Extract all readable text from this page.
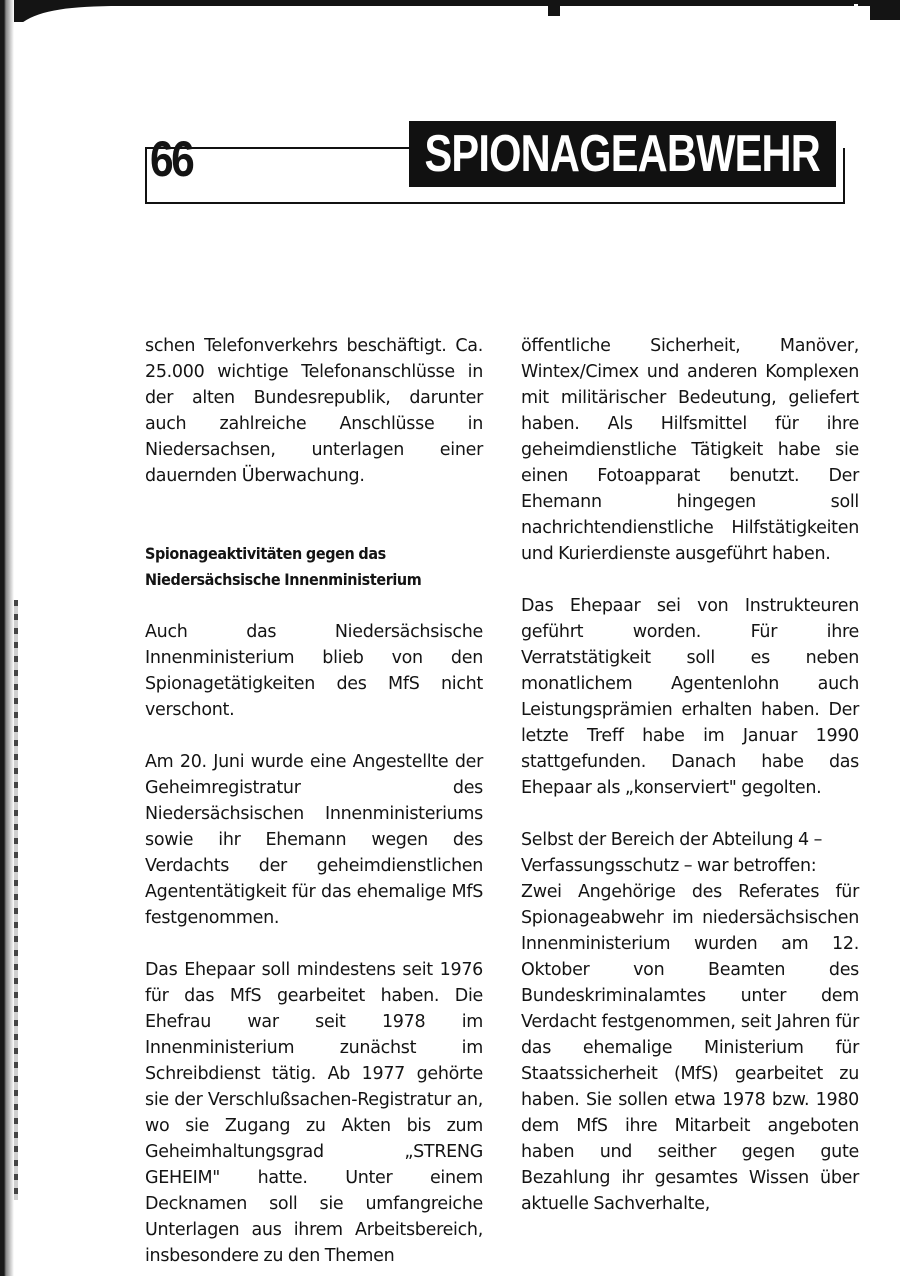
66	SPIONAGEABWEHR

schen Telefonverkehrs beschäftigt. Ca. 25.000 wichtige Telefonanschlüsse in der alten Bundesrepublik, darunter auch zahlreiche Anschlüsse in Niedersachsen, unterlagen einer dauernden Überwachung.

Spionageaktivitäten gegen das
Niedersächsische Innenministerium

Auch das Niedersächsische Innenministerium blieb von den Spionagetätigkeiten des MfS nicht verschont.

Am 20. Juni wurde eine Angestellte der Geheimregistratur des Niedersächsischen Innenministeriums sowie ihr Ehemann wegen des Verdachts der geheimdienstlichen Agententätigkeit für das ehemalige MfS festgenommen.

Das Ehepaar soll mindestens seit 1976 für das MfS gearbeitet haben. Die Ehefrau war seit 1978 im Innenministerium zunächst im Schreibdienst tätig. Ab 1977 gehörte sie der Verschlußsachen-Registratur an, wo sie Zugang zu Akten bis zum Geheimhaltungsgrad „STRENG GEHEIM" hatte. Unter einem Decknamen soll sie umfangreiche Unterlagen aus ihrem Arbeitsbereich, insbesondere zu den Themen

öffentliche Sicherheit, Manöver, Wintex/Cimex und anderen Komplexen mit militärischer Bedeutung, geliefert haben. Als Hilfsmittel für ihre geheimdienstliche Tätigkeit habe sie einen Fotoapparat benutzt. Der Ehemann hingegen soll nachrichtendienstliche Hilfstätigkeiten und Kurierdienste ausgeführt haben.

Das Ehepaar sei von Instrukteuren geführt worden. Für ihre Verratstätigkeit soll es neben monatlichem Agentenlohn auch Leistungsprämien erhalten haben. Der letzte Treff habe im Januar 1990 stattgefunden. Danach habe das Ehepaar als „konserviert" gegolten.

Selbst der Bereich der Abteilung 4 –
Verfassungsschutz – war betroffen:

Zwei Angehörige des Referates für Spionageabwehr im niedersächsischen Innenministerium wurden am 12. Oktober von Beamten des Bundeskriminalamtes unter dem Verdacht festgenommen, seit Jahren für das ehemalige Ministerium für Staatssicherheit (MfS) gearbeitet zu haben. Sie sollen etwa 1978 bzw. 1980 dem MfS ihre Mitarbeit angeboten haben und seither gegen gute Bezahlung ihr gesamtes Wissen über aktuelle Sachverhalte,
